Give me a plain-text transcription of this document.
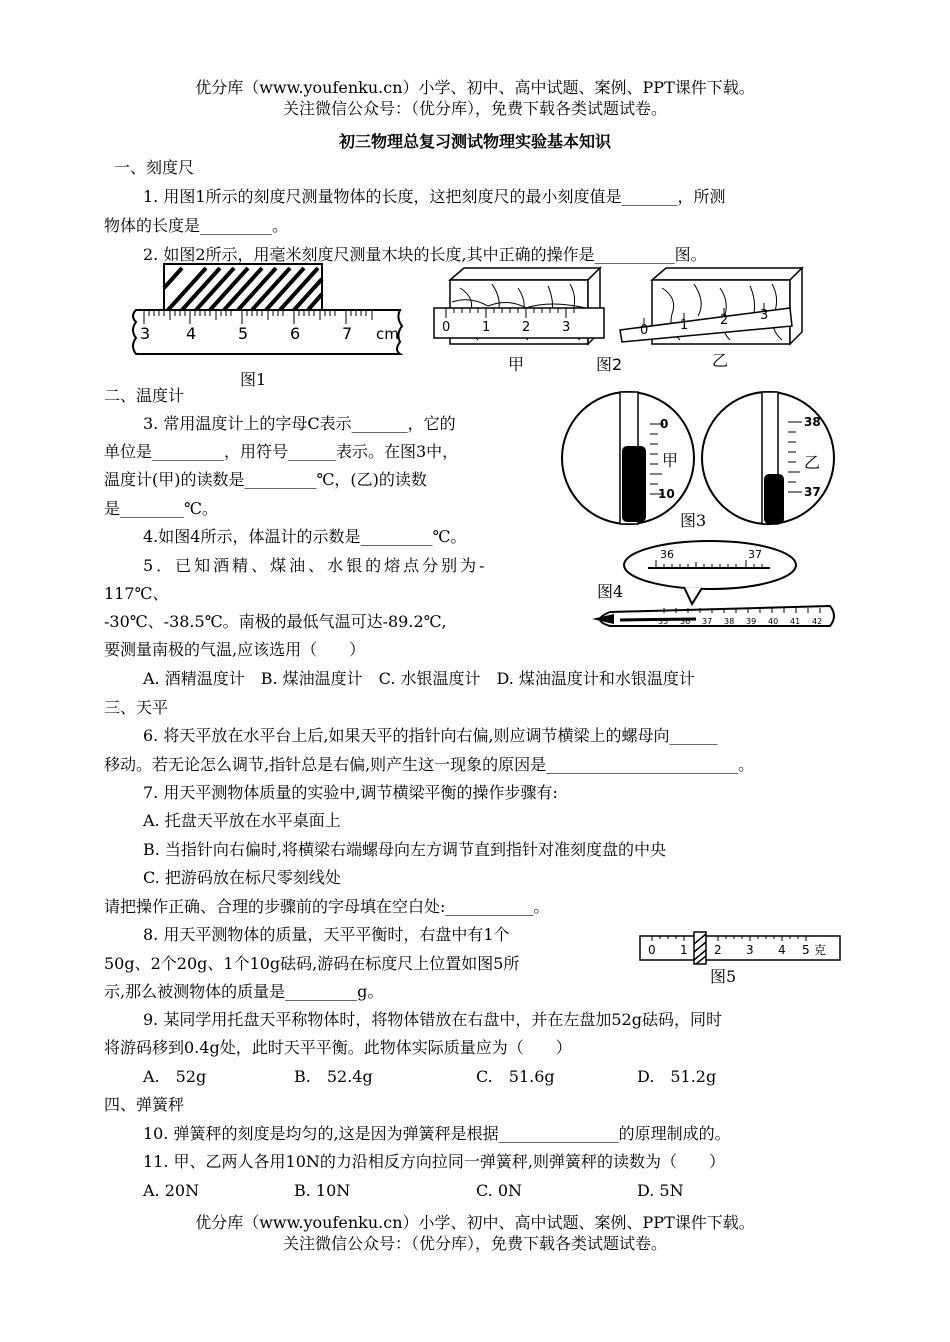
优分库（www.youfenku.cn）小学、初中、高中试题、案例、PPT课件下载。
关注微信公众号：（优分库），免费下载各类试题试卷。
初三物理总复习测试物理实验基本知识
一、刻度尺
1. 用图1所示的刻度尺测量物体的长度，这把刻度尺的最小刻度值是_______，所测
物体的长度是_________。
2. 如图2所示，用毫米刻度尺测量木块的长度,其中正确的操作是__________图。
3 4	5	6	7 cm
图1
0 1 2 3
甲	图2
0 1 2 3
乙
二、温度计
3. 常用温度计上的字母C表示_______，它的
单位是_________，用符号______表示。在图3中，
温度计(甲)的读数是_________℃，(乙)的读数
是________℃。
4.如图4所示，体温计的示数是_________℃。
5．已知酒精、煤油、水银的熔点分别为-
117℃、
-30℃、-38.5℃。南极的最低气温可达-89.2℃,
要测量南极的气温,应该选用（　　）
0
10
甲
38
37
乙
图3
36	37
35 36 37 38 39 40 41 42
图4
A. 酒精温度计　B. 煤油温度计　C. 水银温度计　D. 煤油温度计和水银温度计
三、天平
6. 将天平放在水平台上后,如果天平的指针向右偏,则应调节横梁上的螺母向______
移动。若无论怎么调节,指针总是右偏,则产生这一现象的原因是________________________。
7. 用天平测物体质量的实验中,调节横梁平衡的操作步骤有:
A. 托盘天平放在水平桌面上
B. 当指针向右偏时,将横梁右端螺母向左方调节直到指针对准刻度盘的中央
C. 把游码放在标尺零刻线处
请把操作正确、合理的步骤前的字母填在空白处:___________。
8. 用天平测物体的质量，天平平衡时，右盘中有1个
50g、2个20g、1个10g砝码,游码在标度尺上位置如图5所
示,那么被测物体的质量是_________g。
0 1 2 3 4 5 克
图5
9. 某同学用托盘天平称物体时，将物体错放在右盘中，并在左盘加52g砝码，同时
将游码移到0.4g处，此时天平平衡。此物体实际质量应为（　　）
A.　52g	B.　52.4g	C.　51.6g	D.　51.2g
四、弹簧秤
10. 弹簧秤的刻度是均匀的,这是因为弹簧秤是根据_______________的原理制成的。
11. 甲、乙两人各用10N的力沿相反方向拉同一弹簧秤,则弹簧秤的读数为（　　）
A. 20N	B. 10N	C. 0N	D. 5N
优分库（www.youfenku.cn）小学、初中、高中试题、案例、PPT课件下载。
关注微信公众号：（优分库），免费下载各类试题试卷。
